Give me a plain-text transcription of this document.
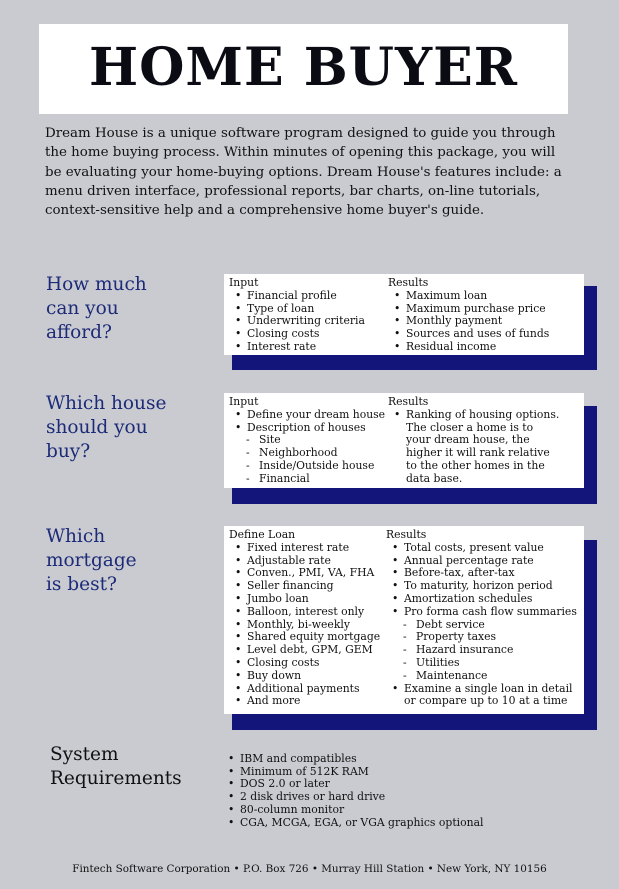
HOME BUYER
Dream House is a unique software program designed to guide you through the home buying process. Within minutes of opening this package, you will be evaluating your home-buying options. Dream House's features include: a menu driven interface, professional reports, bar charts, on-line tutorials, context-sensitive help and a comprehensive home buyer's guide.
How much
can you
afford?
Input
• Financial profile
• Type of loan
• Underwriting criteria
• Closing costs
• Interest rate
Results
• Maximum loan
• Maximum purchase price
• Monthly payment
• Sources and uses of funds
• Residual income
Which house
should you
buy?
Input
• Define your dream house
• Description of houses
- Site
- Neighborhood
- Inside/Outside house
- Financial
Results
• Ranking of housing options.
The closer a home is to
your dream house, the
higher it will rank relative
to the other homes in the
data base.
Which
mortgage
is best?
Define Loan
• Fixed interest rate
• Adjustable rate
• Conven., PMI, VA, FHA
• Seller financing
• Jumbo loan
• Balloon, interest only
• Monthly, bi-weekly
• Shared equity mortgage
• Level debt, GPM, GEM
• Closing costs
• Buy down
• Additional payments
• And more
Results
• Total costs, present value
• Annual percentage rate
• Before-tax, after-tax
• To maturity, horizon period
• Amortization schedules
• Pro forma cash flow summaries
- Debt service
- Property taxes
- Hazard insurance
- Utilities
- Maintenance
• Examine a single loan in detail
or compare up to 10 at a time
System
Requirements
• IBM and compatibles
• Minimum of 512K RAM
• DOS 2.0 or later
• 2 disk drives or hard drive
• 80-column monitor
• CGA, MCGA, EGA, or VGA graphics optional
Fintech Software Corporation • P.O. Box 726 • Murray Hill Station • New York, NY 10156
